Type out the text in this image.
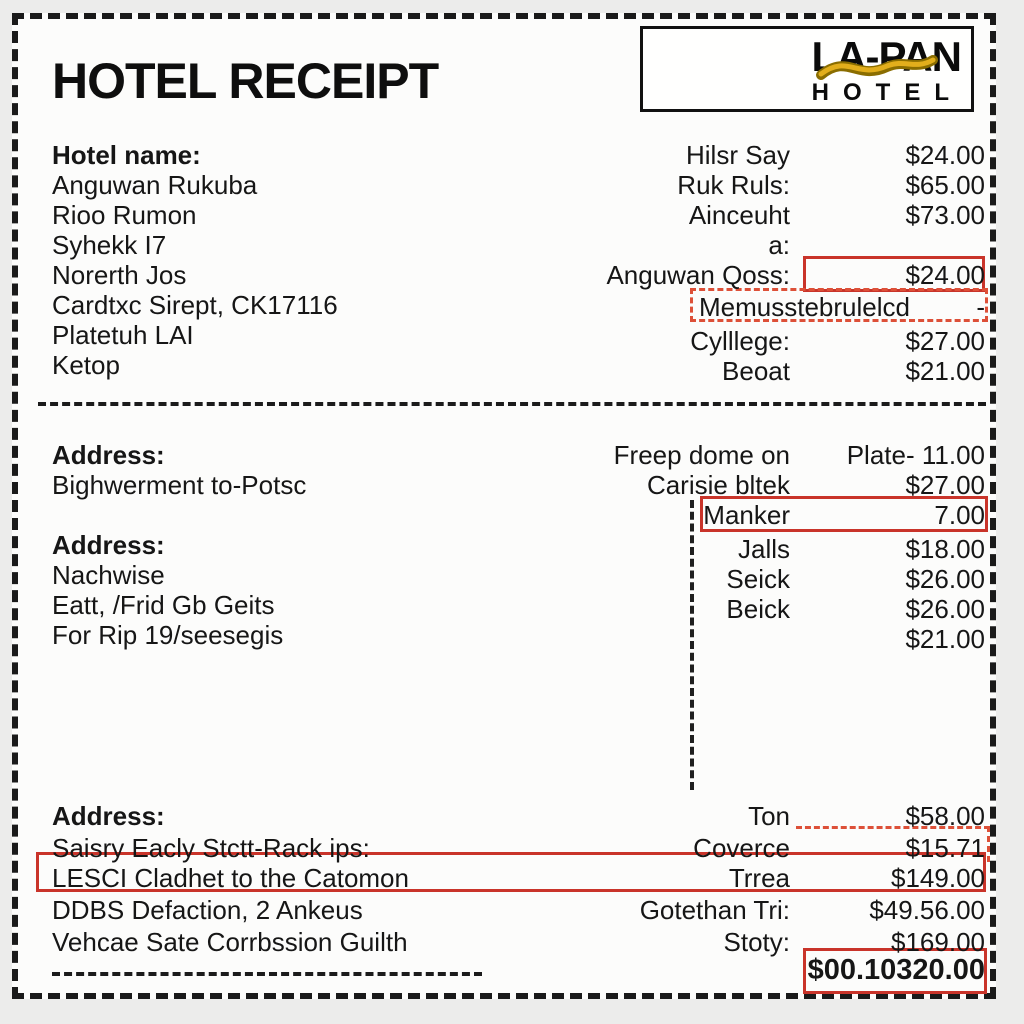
HOTEL RECEIPT	LA-PAN
HOTEL
Hotel name:
Anguwan Rukuba
Rioo Rumon
Syhekk I7
Norerth Jos
Cardtxc Sirept, CK17116
Platetuh LAI
Ketop
Hilsr Say	$24.00
Ruk Ruls:	$65.00
Ainceuht	$73.00
a:
Anguwan Qoss:	$24.00
Memusstebrulelcd	-
Cylllege:	$27.00
Beoat	$21.00
Address:
Bighwerment to-Potsc
Address:
Nachwise
Eatt, /Frid Gb Geits
For Rip 19/seesegis
Freep dome on	Plate- 11.00
Carisie bltek	$27.00
Manker	7.00
Jalls	$18.00
Seick	$26.00
Beick	$26.00
$21.00
Address:
Saisry Eacly Stctt-Rack ips:
LESCI Cladhet to the Catomon
DDBS Defaction, 2 Ankeus
Vehcae Sate Corrbssion Guilth
Ton	$58.00
Coverce	$15.71
Trrea	$149.00
Gotethan Tri:	$49.56.00
Stoty:	$169.00
$00.10320.00
